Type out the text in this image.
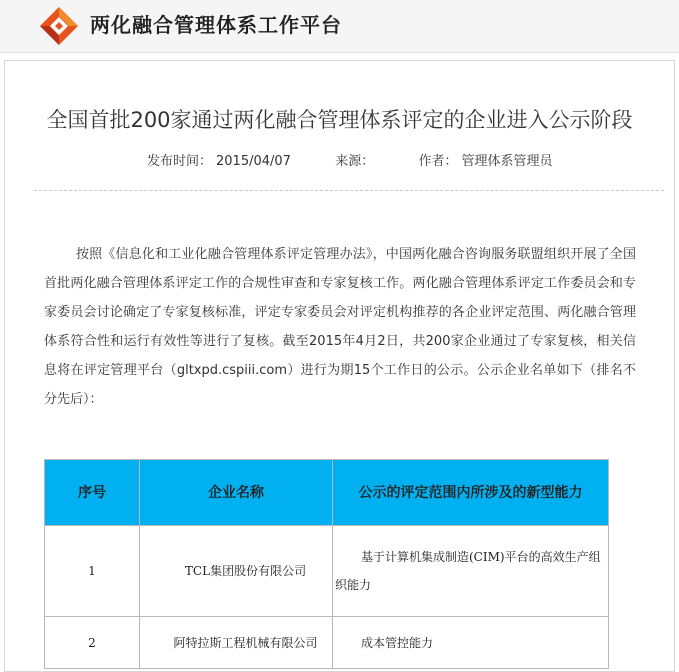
两化融合管理体系工作平台
全国首批200家通过两化融合管理体系评定的企业进入公示阶段
发布时间： 2015/04/07	来源：	作者： 管理体系管理员
按照《信息化和工业化融合管理体系评定管理办法》，中国两化融合咨询服务联盟组织开展了全国首批两化融合管理体系评定工作的合规性审查和专家复核工作。两化融合管理体系评定工作委员会和专家委员会讨论确定了专家复核标准，评定专家委员会对评定机构推荐的各企业评定范围、两化融合管理体系符合性和运行有效性等进行了复核。截至2015年4月2日，共200家企业通过了专家复核，相关信息将在评定管理平台（gltxpd.cspiii.com）进行为期15个工作日的公示。公示企业名单如下（排名不分先后）：
序号	企业名称	公示的评定范围内所涉及的新型能力
1	TCL集团股份有限公司	基于计算机集成制造(CIM)平台的高效生产组织能力
2	阿特拉斯工程机械有限公司	成本管控能力
